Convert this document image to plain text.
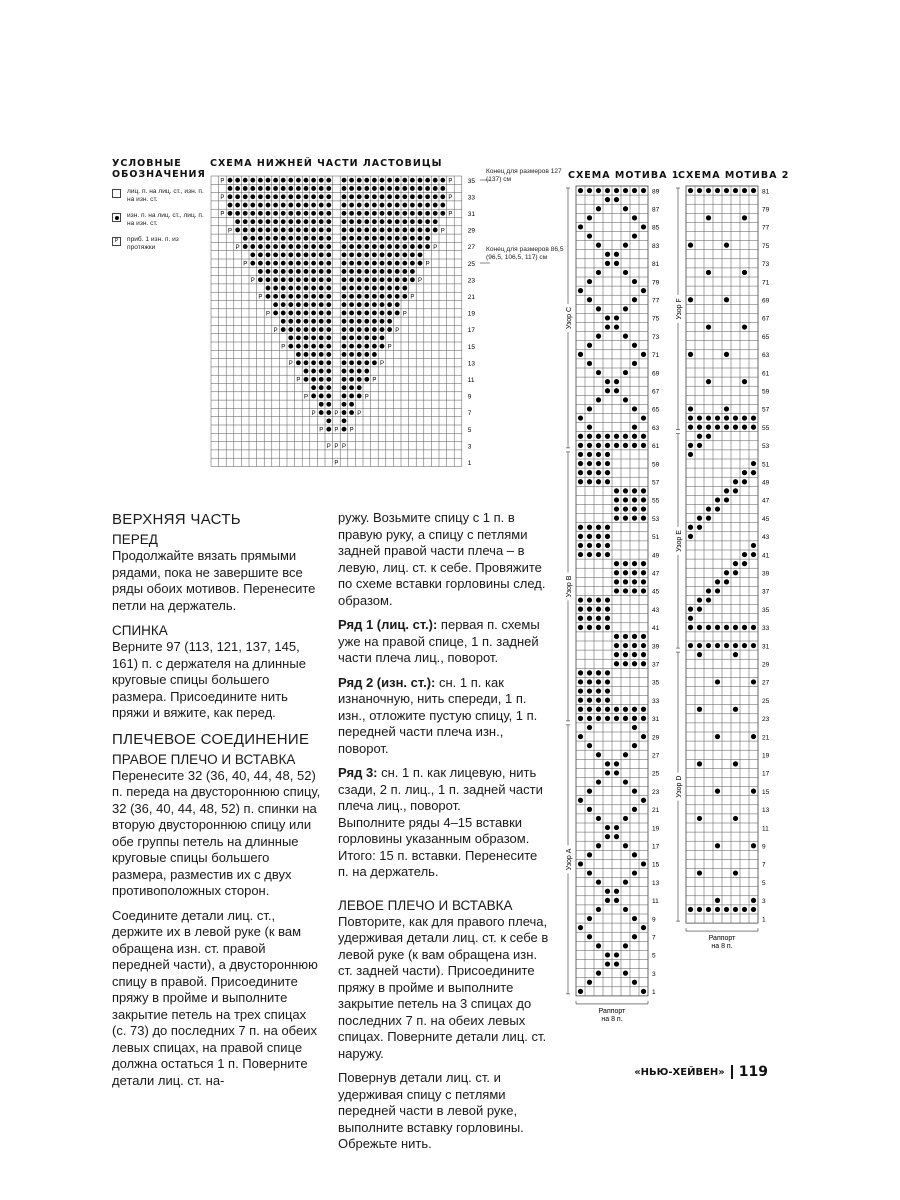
УСЛОВНЫЕ ОБОЗНАЧЕНИЯ
лиц. п. на лиц. ст., изн. п. на изн. ст.
изн. п. на лиц. ст., лиц. п. на изн. ст.
P	приб. 1 изн. п. из протяжки
СХЕМА НИЖНЕЙ ЧАСТИ ЛАСТОВИЦЫ
P	P
P	P
P	P
P	P
P	P
P	P
P	P
P	P
P	P
P	P
P	P
P	P
P	P
P	P
P	P	P
P P P
P P P
P
35
33
31
29
27
25
23
21
19
17
15
13
11
9
7
5
3
1
Конец для размеров 127 (137) см
Конец для размеров 86,5 (96,5, 106,5, 117) см
СХЕМА МОТИВА 1
1
3
5
7
9
11
13
15
17
19
21
23
25
27
29
31
33
35
37
39
41
43
45
47
49
51
53
55
57
59
61
63
65
67
69
71
73
75
77
79
81
83
85
87
89
Узор A
Узор B
Узор C
Раппорт
на 8 п.
СХЕМА МОТИВА 2
1
3
5
7
9
11
13
15
17
19
21
23
25
27
29
31
33
35
37
39
41
43
45
47
49
51
53
55
57
59
61
63
65
67
69
71
73
75
77
79
81
Узор D
Узор E
Узор F
Раппорт
на 8 п.
ВЕРХНЯЯ ЧАСТЬ
ПЕРЕД

Продолжайте вязать прямыми рядами, пока не завершите все ряды обоих мотивов. Перенесите петли на держатель.

СПИНКА

Верните 97 (113, 121, 137, 145, 161) п. с держателя на длинные круговые спицы большего размера. Присоедините нить пряжи и вяжите, как перед.

ПЛЕЧЕВОЕ СОЕДИНЕНИЕ
ПРАВОЕ ПЛЕЧО И ВСТАВКА

Перенесите 32 (36, 40, 44, 48, 52) п. переда на двустороннюю спицу, 32 (36, 40, 44, 48, 52) п. спинки на вторую двустороннюю спицу или обе группы петель на длинные круговые спицы большего размера, разместив их с двух противоположных сторон.

Соедините детали лиц. ст., держите их в левой руке (к вам обращена изн. ст. правой передней части), а двустороннюю спицу в правой. Присоедините пряжу в пройме и выполните закрытие петель на трех спицах (с. 73) до последних 7 п. на обеих левых спицах, на правой спице должна остаться 1 п. Поверните детали лиц. ст. на-

ружу. Возьмите спицу с 1 п. в правую руку, а спицу с петлями задней правой части плеча – в левую, лиц. ст. к себе. Провяжите по схеме вставки горловины след. образом.

Ряд 1 (лиц. ст.): первая п. схемы уже на правой спице, 1 п. задней части плеча лиц., поворот.

Ряд 2 (изн. ст.): сн. 1 п. как изнаночную, нить спереди, 1 п. изн., отложите пустую спицу, 1 п. передней части плеча изн., поворот.

Ряд 3: сн. 1 п. как лицевую, нить сзади, 2 п. лиц., 1 п. задней части плеча лиц., поворот.

Выполните ряды 4–15 вставки горловины указанным образом. Итого: 15 п. вставки. Перенесите п. на держатель.

ЛЕВОЕ ПЛЕЧО И ВСТАВКА

Повторите, как для правого плеча, удерживая детали лиц. ст. к себе в левой руке (к вам обращена изн. ст. задней части). Присоедините пряжу в пройме и выполните закрытие петель на 3 спицах до последних 7 п. на обеих левых спицах. Поверните детали лиц. ст. наружу.

Повернув детали лиц. ст. и удерживая спицу с петлями передней части в левой руке, выполните вставку горловины. Обрежьте нить.

«НЬЮ-ХЕЙВЕН» 119
